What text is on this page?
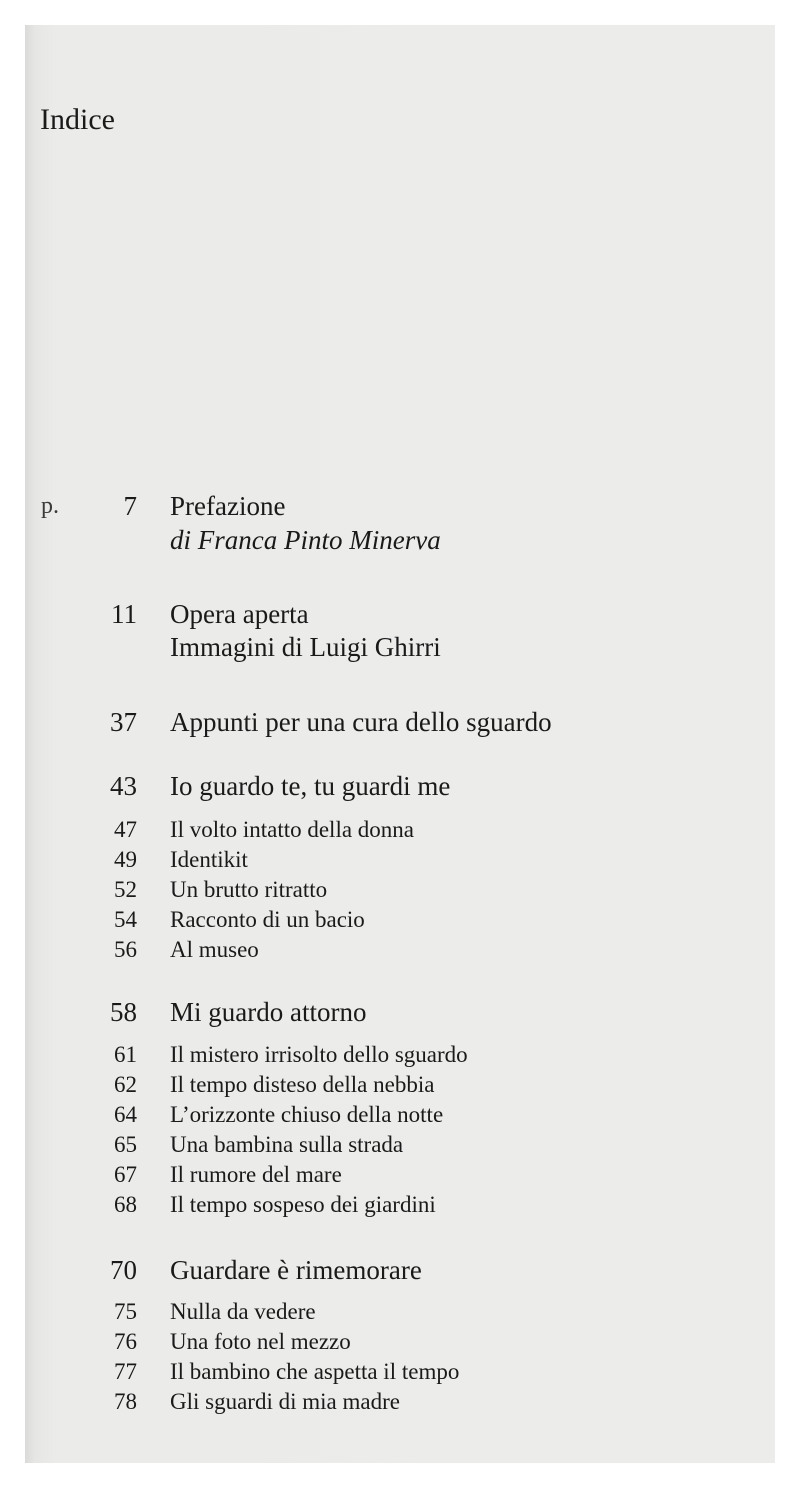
Indice
p.	7 Prefazione
di Franca Pinto Minerva
11 Opera aperta
Immagini di Luigi Ghirri
37 Appunti per una cura dello sguardo
43 Io guardo te, tu guardi me
47 Il volto intatto della donna
49 Identikit
52 Un brutto ritratto
54 Racconto di un bacio
56 Al museo
58 Mi guardo attorno
61 Il mistero irrisolto dello sguardo
62 Il tempo disteso della nebbia
64 L’orizzonte chiuso della notte
65 Una bambina sulla strada
67 Il rumore del mare
68 Il tempo sospeso dei giardini
70 Guardare è rimemorare
75 Nulla da vedere
76 Una foto nel mezzo
77 Il bambino che aspetta il tempo
78 Gli sguardi di mia madre
